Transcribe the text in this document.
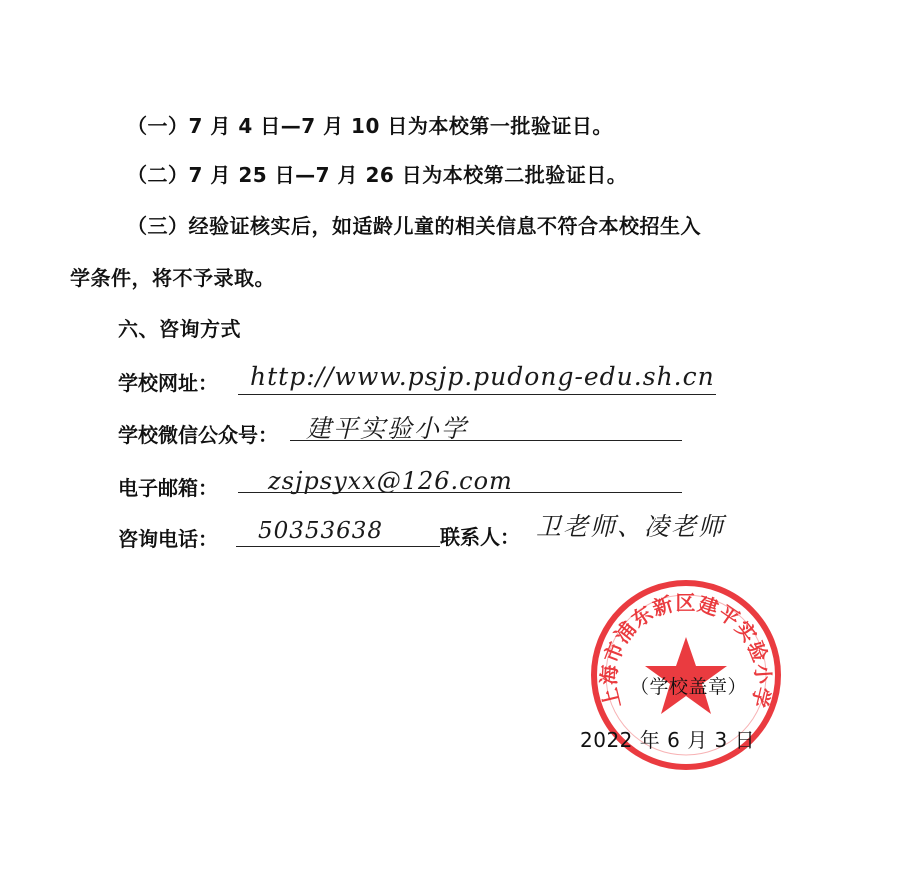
（一）7 月 4 日—7 月 10 日为本校第一批验证日。
（二）7 月 25 日—7 月 26 日为本校第二批验证日。
（三）经验证核实后，如适龄儿童的相关信息不符合本校招生入
学条件，将不予录取。
六、咨询方式
学校网址： http://www.psjp.pudong-edu.sh.cn
学校微信公众号： 建平实验小学
电子邮箱： zsjpsyxx@126.com
咨询电话： 50353638	联系人： 卫老师、凌老师
上海市浦东新区建平实验小学
（学校盖章）
2022 年 6 月 3 日
